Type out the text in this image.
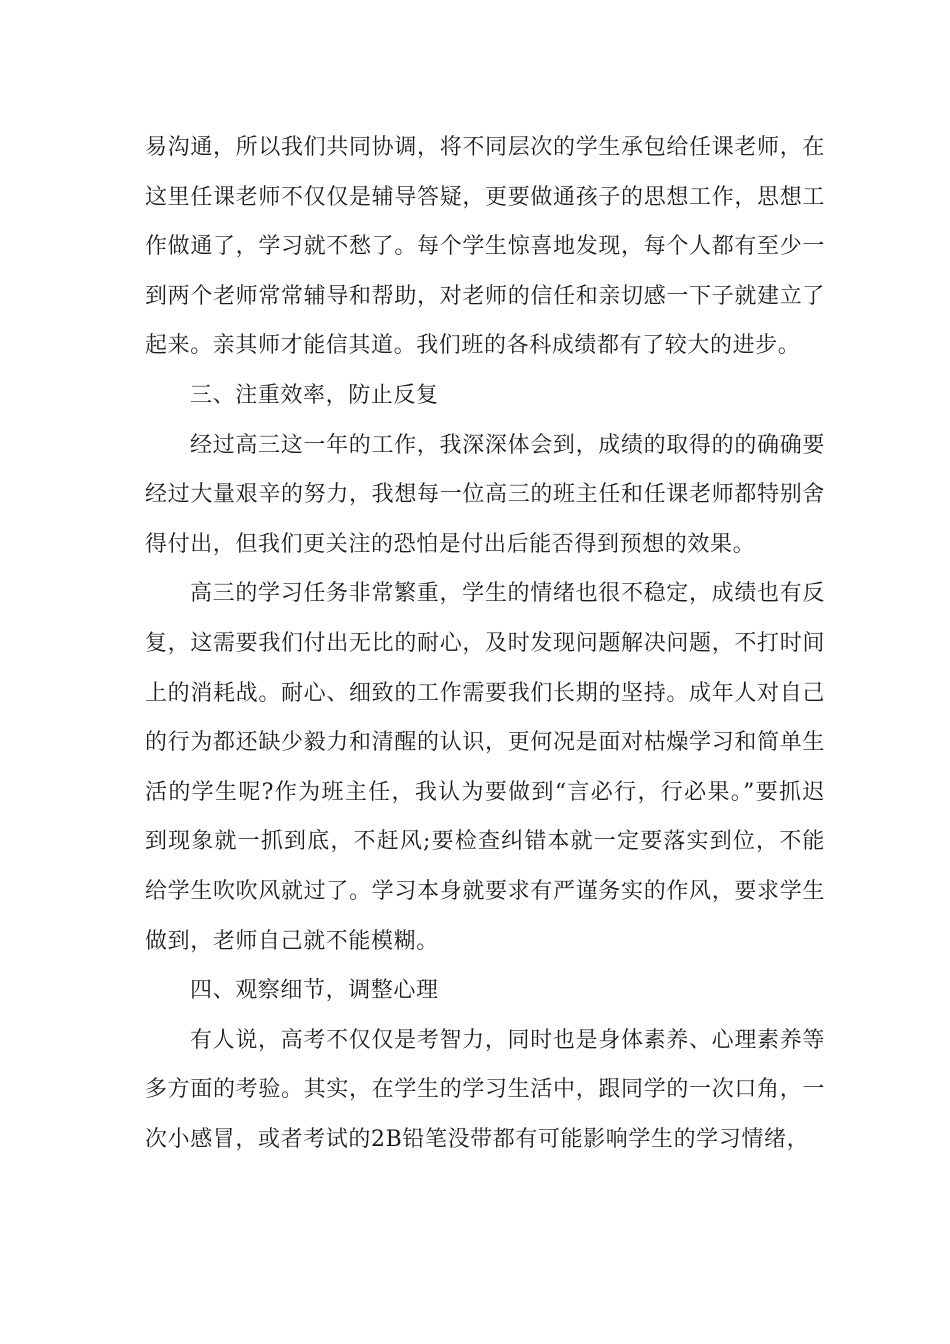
易沟通，所以我们共同协调，将不同层次的学生承包给任课老师，在这里任课老师不仅仅是辅导答疑，更要做通孩子的思想工作，思想工作做通了，学习就不愁了。每个学生惊喜地发现，每个人都有至少一到两个老师常常辅导和帮助，对老师的信任和亲切感一下子就建立了起来。亲其师才能信其道。我们班的各科成绩都有了较大的进步。

三、注重效率，防止反复

经过高三这一年的工作，我深深体会到，成绩的取得的的确确要经过大量艰辛的努力，我想每一位高三的班主任和任课老师都特别舍得付出，但我们更关注的恐怕是付出后能否得到预想的效果。

高三的学习任务非常繁重，学生的情绪也很不稳定，成绩也有反复，这需要我们付出无比的耐心，及时发现问题解决问题，不打时间上的消耗战。耐心、细致的工作需要我们长期的坚持。成年人对自己的行为都还缺少毅力和清醒的认识，更何况是面对枯燥学习和简单生活的学生呢?作为班主任，我认为要做到“言必行，行必果。”要抓迟到现象就一抓到底，不赶风;要检查纠错本就一定要落实到位，不能给学生吹吹风就过了。学习本身就要求有严谨务实的作风，要求学生做到，老师自己就不能模糊。

四、观察细节，调整心理

有人说，高考不仅仅是考智力，同时也是身体素养、心理素养等多方面的考验。其实，在学生的学习生活中，跟同学的一次口角，一次小感冒，或者考试的2B铅笔没带都有可能影响学生的学习情绪，
